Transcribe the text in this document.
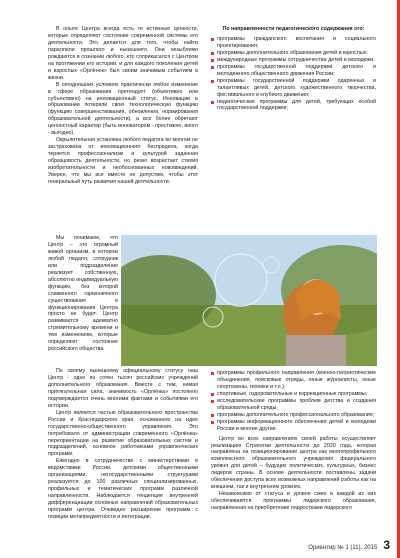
В опыте Центра всегда есть те истинные ценности, которые определяют состояние современной системы его деятельности. Это делается для того, чтобы найти параллели прошлого и нынешнего. Они незыблемо рождаются в сознании любого, кто соприкасался с Центром на протяжении его истории, и для каждого поколения детей и взрослых «Орлёнок» был своим значимым событием в жизни.

В сегодняшних условиях практически любое изменение в сфере образования претендует (объективно или субъективно) на инновационный статус. Инновации в образовании потеряли свою технологическую функцию (функцию совершенствования, обновления, нормирования образовательной деятельности), а все более обретают ценностный характер (быть инноватором - престижно, иного - выгодно).

Окрылительная установка любого педагога во многом не застрахована от инновационного беспредела, когда теряется профессионализм и культурой заданная образцовость деятельности, но резко возрастает стихия изобретательности и необоснованных нововведений. Уверен, что мы все вместе не допустим, чтобы этот генеральный путь развития нашей деятельности.

По направленности педагогического содержания это:

программы гражданского воспитания и социального проектирования;
программы дополнительного образования детей и взрослых;
международные программы сотрудничества детей и молодежи;
программы государственной поддержки детского и молодежного общественного движения России;
программы государственной поддержки одаренных и талантливых детей, детского художественного творчества, фестивального и клубного движения;
педагогические программы для детей, требующих особой государственной поддержки;

Мы понимаем, что Центр – это огромный живой организм, в котором любой педагог, сотрудник или подразделение реализует собственную, абсолютно индивидуальную функцию, без которой слаженного гармоничного существования и функционирования Центра просто не будет. Центр развивается адекватно стремительному времени и тем изменениям, которые определяют состояние российского общества.

По своему нынешнему официальному статусу наш Центр - одно из сотен тысяч российских учреждений дополнительного образования. Вместе с тем, немая притягательная сила, значимость «Орлёнка» постоянно подтверждается очень многими фактами и событиями его истории.

Центр является частью образовательного пространства России и Краснодарского края, основанного на идее государственно-общественного управления. Это потребовало от администрации современного «Орлёнка» переориентации на развитие образовательных систем и подразделений, основное работниками управленческих программ.

Ежегодно в сотрудничестве с министерствами и ведомствами России, детскими общественными организациями, негосударственными структурами реализуется до 100 различных специализированных, профильных и тематических программ различной направленности. Наблюдается тенденция внутренней дифференциации основных направлений образовательных программ центра. Очевидно расширение программ с позиции метапредметности и интеграции.

программы профильного направления (военно-патриотические объединения, поисковые отряды, юные журналисты, юные спортсмены, техники и т.п.);
спортивные, оздоровительные и коррекционные программы;
исследовательские программы проблем детства и создания образовательной среды;
программы дополнительного профессионального образования;
программы информационного обеспечения детей и молодежи России и многие другие.

Центр во всех направлениях своей работы осуществляет реализацию Стратегии деятельности до 2020 года, которая направлена на позиционирование центра как многопрофильного комплексного образовательного учреждения федерального уровня для детей – будущих политических, культурных, бизнес лидеров страны. В основе деятельности поставлены задачи обеспечения доступа всех возможных направлений работы как на внешнем, так и внутреннем уровнях.

Незавоисимо от статуса и уровня смен в каждой из них обеспечиваются программы лидерского образования, направленная на приобретение подростками лидерского

Ориентир № 1 (11), 2015 3
